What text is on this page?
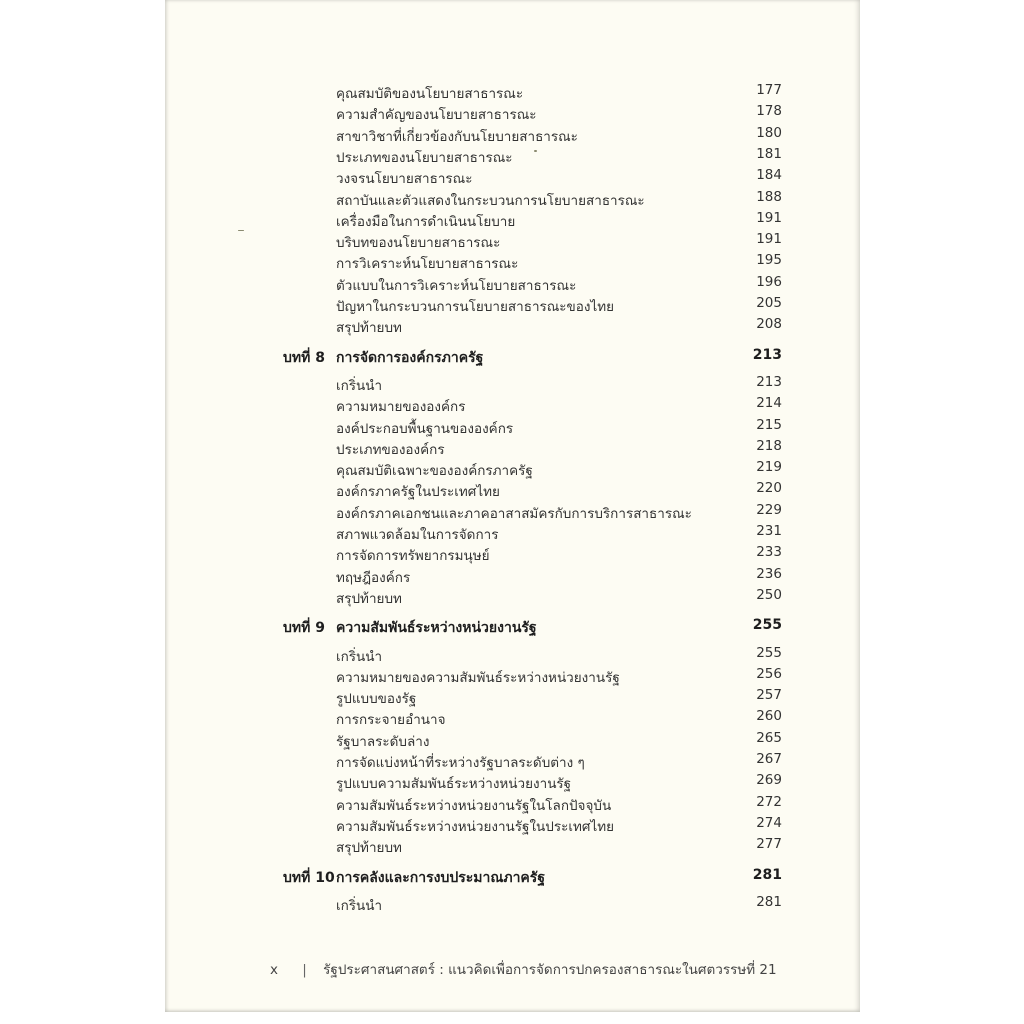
คุณสมบัติของนโยบายสาธารณะ	177
ความสำคัญของนโยบายสาธารณะ	178
สาขาวิชาที่เกี่ยวข้องกับนโยบายสาธารณะ	180
ประเภทของนโยบายสาธารณะ	181
วงจรนโยบายสาธารณะ	184
สถาบันและตัวแสดงในกระบวนการนโยบายสาธารณะ	188
เครื่องมือในการดำเนินนโยบาย	191
บริบทของนโยบายสาธารณะ	191
การวิเคราะห์นโยบายสาธารณะ	195
ตัวแบบในการวิเคราะห์นโยบายสาธารณะ	196
ปัญหาในกระบวนการนโยบายสาธารณะของไทย	205
สรุปท้ายบท	208
บทที่ 8 การจัดการองค์กรภาครัฐ	213
เกริ่นนำ	213
ความหมายขององค์กร	214
องค์ประกอบพื้นฐานขององค์กร	215
ประเภทขององค์กร	218
คุณสมบัติเฉพาะขององค์กรภาครัฐ	219
องค์กรภาครัฐในประเทศไทย	220
องค์กรภาคเอกชนและภาคอาสาสมัครกับการบริการสาธารณะ	229
สภาพแวดล้อมในการจัดการ	231
การจัดการทรัพยากรมนุษย์	233
ทฤษฎีองค์กร	236
สรุปท้ายบท	250
บทที่ 9 ความสัมพันธ์ระหว่างหน่วยงานรัฐ	255
เกริ่นนำ	255
ความหมายของความสัมพันธ์ระหว่างหน่วยงานรัฐ	256
รูปแบบของรัฐ	257
การกระจายอำนาจ	260
รัฐบาลระดับล่าง	265
การจัดแบ่งหน้าที่ระหว่างรัฐบาลระดับต่าง ๆ	267
รูปแบบความสัมพันธ์ระหว่างหน่วยงานรัฐ	269
ความสัมพันธ์ระหว่างหน่วยงานรัฐในโลกปัจจุบัน	272
ความสัมพันธ์ระหว่างหน่วยงานรัฐในประเทศไทย	274
สรุปท้ายบท	277
บทที่ 10 การคลังและการงบประมาณภาครัฐ	281
เกริ่นนำ	281
x | รัฐประศาสนศาสตร์ : แนวคิดเพื่อการจัดการปกครองสาธารณะในศตวรรษที่ 21
